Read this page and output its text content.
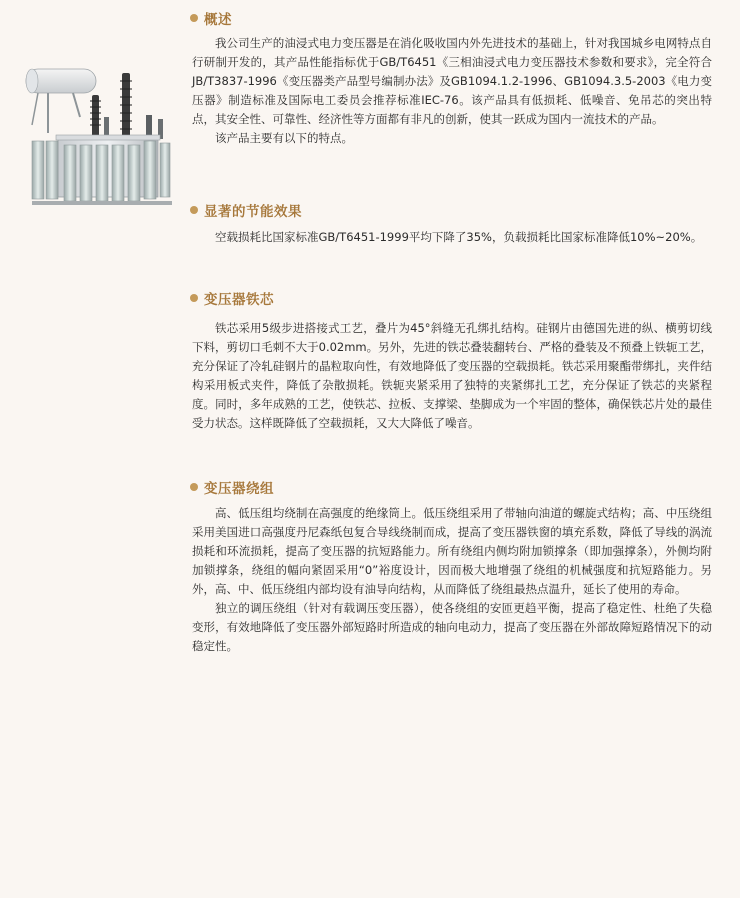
概述

我公司生产的油浸式电力变压器是在消化吸收国内外先进技术的基础上，针对我国城乡电网特点自行研制开发的，其产品性能指标优于GB/T6451《三相油浸式电力变压器技术参数和要求》，完全符合JB/T3837-1996《变压器类产品型号编制办法》及GB1094.1.2-1996、GB1094.3.5-2003《电力变压器》制造标准及国际电工委员会推荐标准IEC-76。该产品具有低损耗、低噪音、免吊芯的突出特点，其安全性、可靠性、经济性等方面都有非凡的创新，使其一跃成为国内一流技术的产品。

该产品主要有以下的特点。

显著的节能效果

空载损耗比国家标准GB/T6451-1999平均下降了35%，负载损耗比国家标准降低10%~20%。

变压器铁芯

铁芯采用5级步进搭接式工艺，叠片为45°斜缝无孔绑扎结构。硅钢片由德国先进的纵、横剪切线下料，剪切口毛刺不大于0.02mm。另外，先进的铁芯叠装翻转台、严格的叠装及不预叠上铁轭工艺，充分保证了冷轧硅钢片的晶粒取向性，有效地降低了变压器的空载损耗。铁芯采用聚酯带绑扎，夹件结构采用板式夹件，降低了杂散损耗。铁轭夹紧采用了独特的夹紧绑扎工艺，充分保证了铁芯的夹紧程度。同时，多年成熟的工艺，使铁芯、拉板、支撑梁、垫脚成为一个牢固的整体，确保铁芯片处的最佳受力状态。这样既降低了空载损耗，又大大降低了噪音。

变压器绕组

高、低压组均绕制在高强度的绝缘筒上。低压绕组采用了带轴向油道的螺旋式结构；高、中压绕组采用美国进口高强度丹尼森纸包复合导线绕制而成，提高了变压器铁窗的填充系数，降低了导线的涡流损耗和环流损耗，提高了变压器的抗短路能力。所有绕组内侧均附加锁撑条（即加强撑条），外侧均附加锁撑条，绕组的幅向紧固采用“0”裕度设计，因而极大地增强了绕组的机械强度和抗短路能力。另外，高、中、低压绕组内部均设有油导向结构，从而降低了绕组最热点温升，延长了使用的寿命。

独立的调压绕组（针对有载调压变压器），使各绕组的安匝更趋平衡，提高了稳定性、杜绝了失稳变形，有效地降低了变压器外部短路时所造成的轴向电动力，提高了变压器在外部故障短路情况下的动稳定性。
